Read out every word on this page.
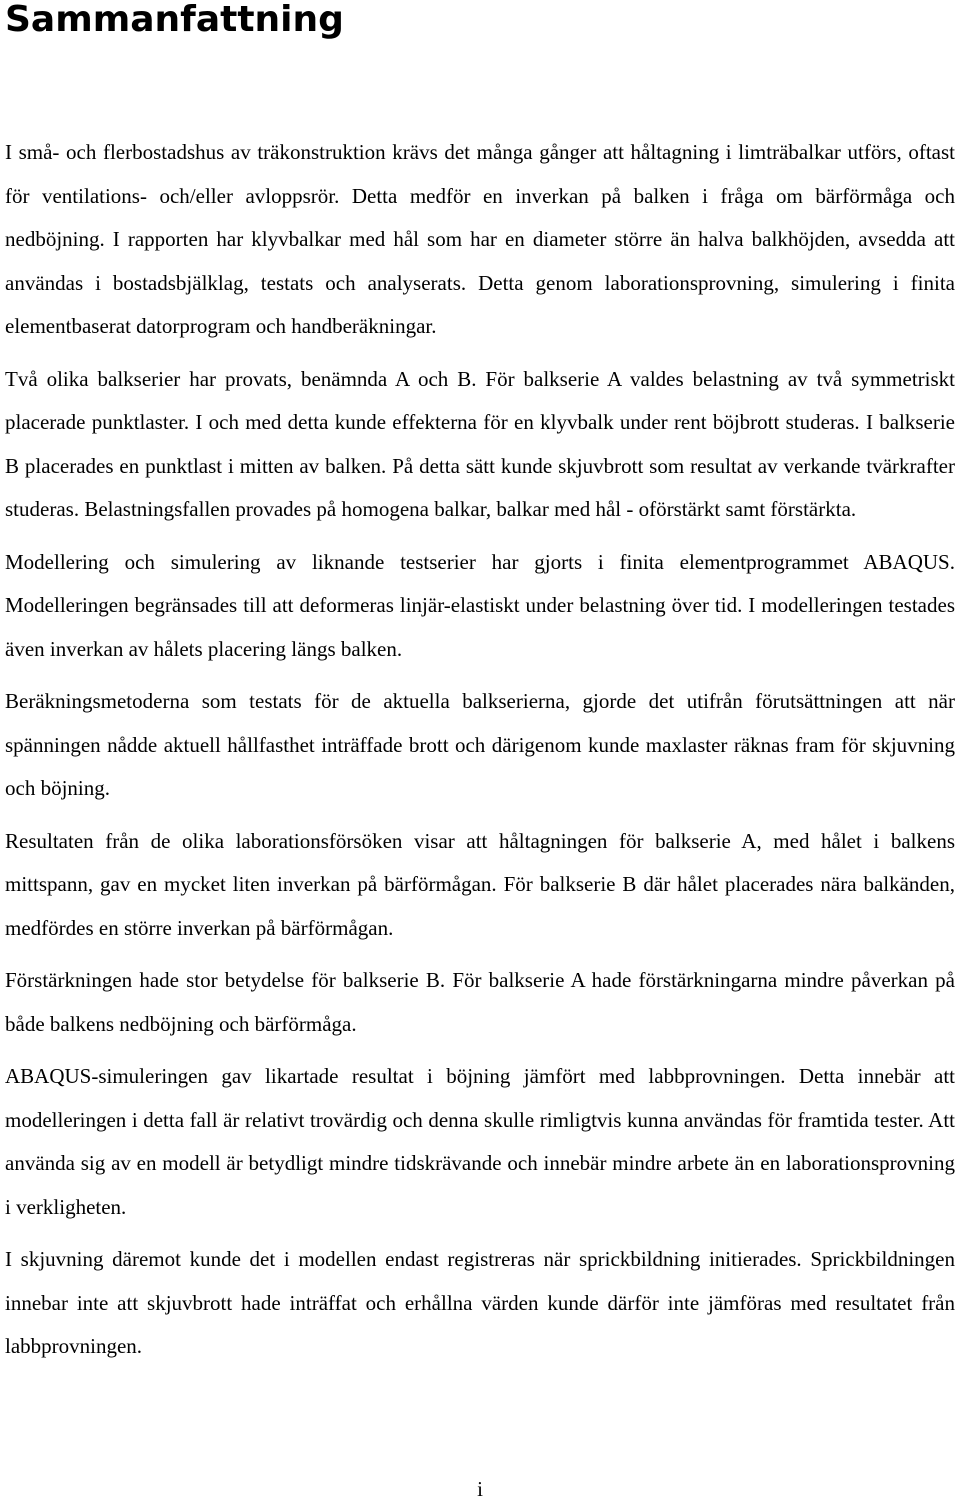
Sammanfattning

I små- och flerbostadshus av träkonstruktion krävs det många gånger att håltagning i limträbalkar utförs, oftast för ventilations- och/eller avloppsrör. Detta medför en inverkan på balken i fråga om bärförmåga och nedböjning. I rapporten har klyvbalkar med hål som har en diameter större än halva balkhöjden, avsedda att användas i bostadsbjälklag, testats och analyserats. Detta genom laborationsprovning, simulering i finita elementbaserat datorprogram och handberäkningar.

Två olika balkserier har provats, benämnda A och B. För balkserie A valdes belastning av två symmetriskt placerade punktlaster. I och med detta kunde effekterna för en klyvbalk under rent böjbrott studeras. I balkserie B placerades en punktlast i mitten av balken. På detta sätt kunde skjuvbrott som resultat av verkande tvärkrafter studeras. Belastningsfallen provades på homogena balkar, balkar med hål - oförstärkt samt förstärkta.

Modellering och simulering av liknande testserier har gjorts i finita elementprogrammet ABAQUS. Modelleringen begränsades till att deformeras linjär-elastiskt under belastning över tid. I modelleringen testades även inverkan av hålets placering längs balken.

Beräkningsmetoderna som testats för de aktuella balkserierna, gjorde det utifrån förutsättningen att när spänningen nådde aktuell hållfasthet inträffade brott och därigenom kunde maxlaster räknas fram för skjuvning och böjning.

Resultaten från de olika laborationsförsöken visar att håltagningen för balkserie A, med hålet i balkens mittspann, gav en mycket liten inverkan på bärförmågan. För balkserie B där hålet placerades nära balkänden, medfördes en större inverkan på bärförmågan.

Förstärkningen hade stor betydelse för balkserie B. För balkserie A hade förstärkningarna mindre påverkan på både balkens nedböjning och bärförmåga.

ABAQUS-simuleringen gav likartade resultat i böjning jämfört med labbprovningen. Detta innebär att modelleringen i detta fall är relativt trovärdig och denna skulle rimligtvis kunna användas för framtida tester. Att använda sig av en modell är betydligt mindre tidskrävande och innebär mindre arbete än en laborationsprovning i verkligheten.

I skjuvning däremot kunde det i modellen endast registreras när sprickbildning initierades. Sprickbildningen innebar inte att skjuvbrott hade inträffat och erhållna värden kunde därför inte jämföras med resultatet från labbprovningen.

i
